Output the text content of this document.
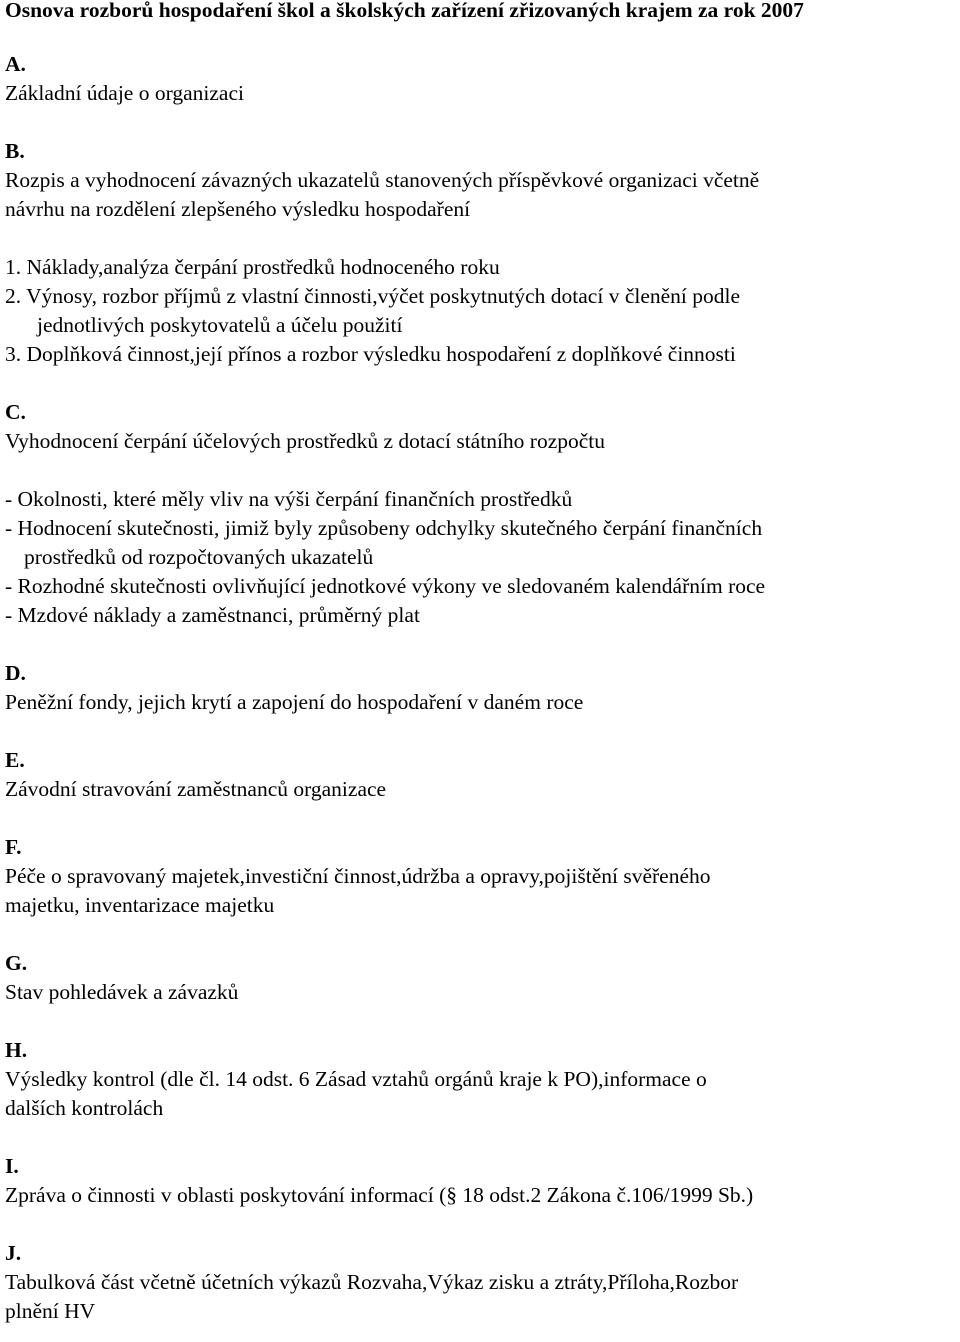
Osnova rozborů hospodaření škol a školských zařízení zřizovaných krajem za rok 2007
A.
Základní údaje o organizaci
B.
Rozpis a vyhodnocení závazných ukazatelů stanovených příspěvkové organizaci včetně
návrhu na rozdělení zlepšeného výsledku hospodaření
1. Náklady,analýza čerpání prostředků hodnoceného roku
2. Výnosy, rozbor příjmů z vlastní činnosti,výčet poskytnutých dotací v členění podle
jednotlivých poskytovatelů a účelu použití
3. Doplňková činnost,její přínos a rozbor výsledku hospodaření z doplňkové činnosti
C.
Vyhodnocení čerpání účelových prostředků z dotací státního rozpočtu
- Okolnosti, které měly vliv na výši čerpání finančních prostředků
- Hodnocení skutečnosti, jimiž byly způsobeny odchylky skutečného čerpání finančních
prostředků od rozpočtovaných ukazatelů
- Rozhodné skutečnosti ovlivňující jednotkové výkony ve sledovaném kalendářním roce
- Mzdové náklady a zaměstnanci, průměrný plat
D.
Peněžní fondy, jejich krytí a zapojení do hospodaření v daném roce
E.
Závodní stravování zaměstnanců organizace
F.
Péče o spravovaný majetek,investiční činnost,údržba a opravy,pojištění svěřeného
majetku, inventarizace majetku
G.
Stav pohledávek a závazků
H.
Výsledky kontrol (dle čl. 14 odst. 6 Zásad vztahů orgánů kraje k PO),informace o
dalších kontrolách
I.
Zpráva o činnosti v oblasti poskytování informací (§ 18 odst.2 Zákona č.106/1999 Sb.)
J.
Tabulková část včetně účetních výkazů Rozvaha,Výkaz zisku a ztráty,Příloha,Rozbor
plnění HV
